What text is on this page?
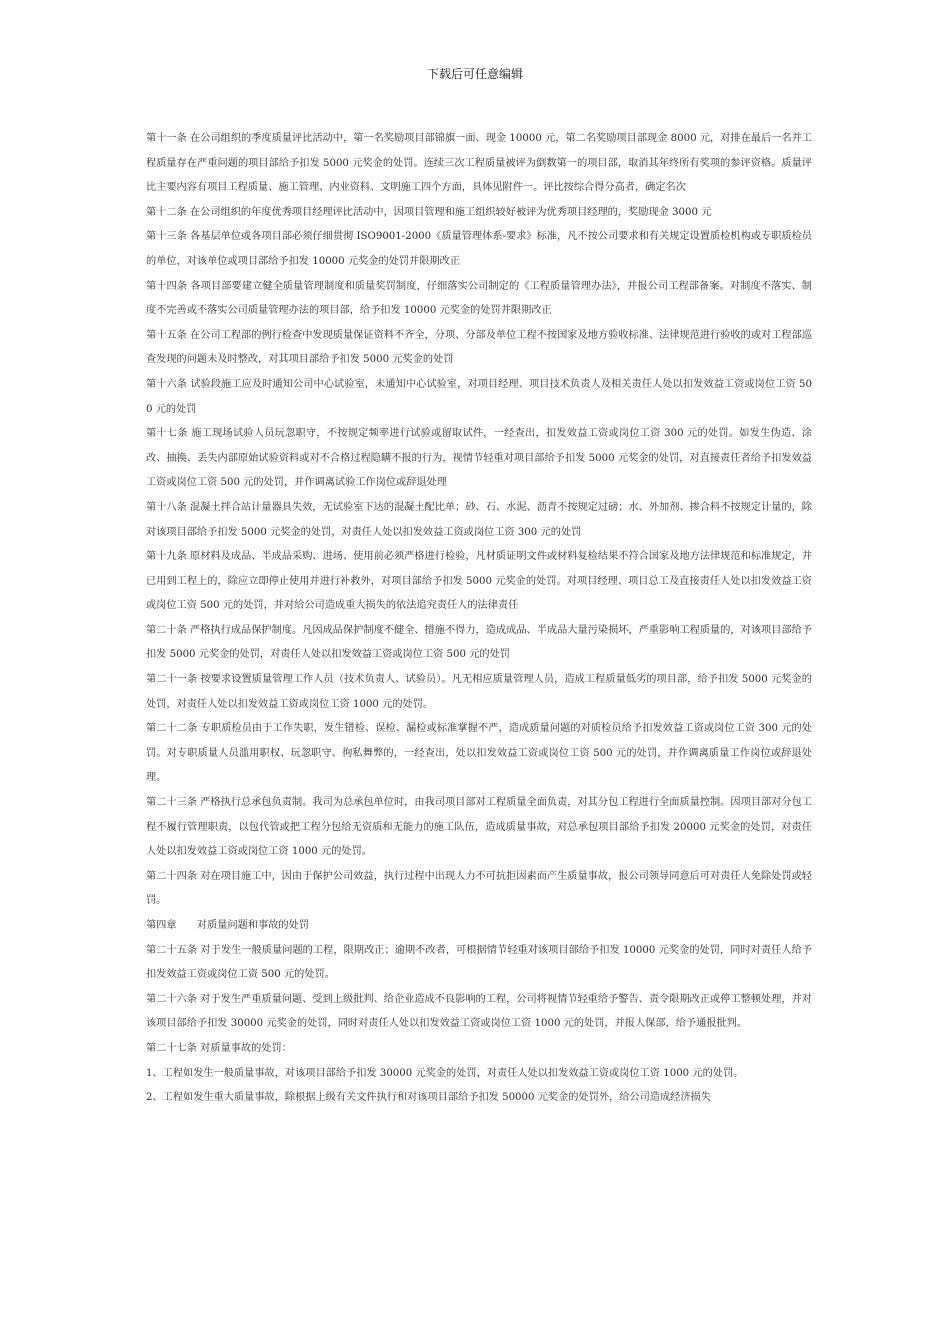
下载后可任意编辑

第十一条 在公司组织的季度质量评比活动中，第一名奖励项目部锦旗一面、现金 10000 元，第二名奖励项目部现金 8000 元，对排在最后一名并工程质量存在严重问题的项目部给予扣发 5000 元奖金的处罚。连续三次工程质量被评为倒数第一的项目部，取消其年终所有奖项的参评资格。质量评比主要内容有项目工程质量、施工管理、内业资料、文明施工四个方面，具体见附件一。评比按综合得分高者，确定名次

第十二条 在公司组织的年度优秀项目经理评比活动中，因项目管理和施工组织较好被评为优秀项目经理的，奖励现金 3000 元

第十三条 各基层单位或各项目部必须仔细贯彻 ISO9001-2000《质量管理体系-要求》标准，凡不按公司要求和有关规定设置质检机构或专职质检员的单位，对该单位或项目部给予扣发 10000 元奖金的处罚并限期改正

第十四条 各项目部要建立健全质量管理制度和质量奖罚制度，仔细落实公司制定的《工程质量管理办法》，并报公司工程部备案。对制度不落实、制度不完善或不落实公司质量管理办法的项目部，给予扣发 10000 元奖金的处罚并限期改正

第十五条 在公司工程部的例行检查中发现质量保证资料不齐全，分项、分部及单位工程不按国家及地方验收标准、法律规范进行验收的或对工程部巡查发现的问题未及时整改，对其项目部给予扣发 5000 元奖金的处罚

第十六条 试验段施工应及时通知公司中心试验室，未通知中心试验室，对项目经理、项目技术负责人及相关责任人处以扣发效益工资或岗位工资 500 元的处罚

第十七条 施工现场试验人员玩忽职守，不按规定频率进行试验或留取试件，一经查出，扣发效益工资或岗位工资 300 元的处罚。如发生伪造、涂改、抽换、丢失内部原始试验资料或对不合格过程隐瞒不报的行为，视情节轻重对项目部给予扣发 5000 元奖金的处罚，对直接责任者给予扣发效益工资或岗位工资 500 元的处罚，并作调离试验工作岗位或辞退处理

第十八条 混凝土拌合站计量器具失效，无试验室下达的混凝土配比单；砂、石、水泥、沥青不按规定过磅；水、外加剂、掺合料不按规定计量的，除对该项目部给予扣发 5000 元奖金的处罚，对责任人处以扣发效益工资或岗位工资 300 元的处罚

第十九条 原材料及成品、半成品采购、进场、使用前必须严格进行检验，凡材质证明文件或材料复检结果不符合国家及地方法律规范和标准规定，并已用到工程上的，除应立即停止使用并进行补救外，对项目部给予扣发 5000 元奖金的处罚。对项目经理、项目总工及直接责任人处以扣发效益工资或岗位工资 500 元的处罚，并对给公司造成重大损失的依法追究责任人的法律责任

第二十条 严格执行成品保护制度。凡因成品保护制度不健全、措施不得力，造成成品、半成品大量污染损坏，严重影响工程质量的，对该项目部给予扣发 5000 元奖金的处罚，对责任人处以扣发效益工资或岗位工资 500 元的处罚

第二十一条 按要求设置质量管理工作人员（技术负责人、试验员）。凡无相应质量管理人员，造成工程质量低劣的项目部，给予扣发 5000 元奖金的处罚，对责任人处以扣发效益工资或岗位工资 1000 元的处罚。

第二十二条 专职质检员由于工作失职，发生错检、误检、漏检或标准掌握不严，造成质量问题的对质检员给予扣发效益工资或岗位工资 300 元的处罚。对专职质量人员滥用职权、玩忽职守、徇私舞弊的，一经查出，处以扣发效益工资或岗位工资 500 元的处罚，并作调离质量工作岗位或辞退处理。

第二十三条 严格执行总承包负责制。我司为总承包单位时，由我司项目部对工程质量全面负责，对其分包工程进行全面质量控制。因项目部对分包工程不履行管理职责，以包代管或把工程分包给无资质和无能力的施工队伍，造成质量事故，对总承包项目部给予扣发 20000 元奖金的处罚，对责任人处以扣发效益工资或岗位工资 1000 元的处罚。

第二十四条 对在项目施工中，因由于保护公司效益，执行过程中出现人力不可抗拒因素而产生质量事故，报公司领导同意后可对责任人免除处罚或轻罚。

第四章　　对质量问题和事故的处罚

第二十五条 对于发生一般质量问题的工程，限期改正；逾期不改者，可根据情节轻重对该项目部给予扣发 10000 元奖金的处罚，同时对责任人给予扣发效益工资或岗位工资 500 元的处罚。

第二十六条 对于发生严重质量问题、受到上级批判、给企业造成不良影响的工程，公司将视情节轻重给予警告、责令限期改正或停工整顿处理，并对该项目部给予扣发 30000 元奖金的处罚，同时对责任人处以扣发效益工资或岗位工资 1000 元的处罚，并报人保部，给予通报批判。

第二十七条 对质量事故的处罚：

1、工程如发生一般质量事故，对该项目部给予扣发 30000 元奖金的处罚，对责任人处以扣发效益工资或岗位工资 1000 元的处罚。

2、工程如发生重大质量事故，除根据上级有关文件执行和对该项目部给予扣发 50000 元奖金的处罚外，给公司造成经济损失
